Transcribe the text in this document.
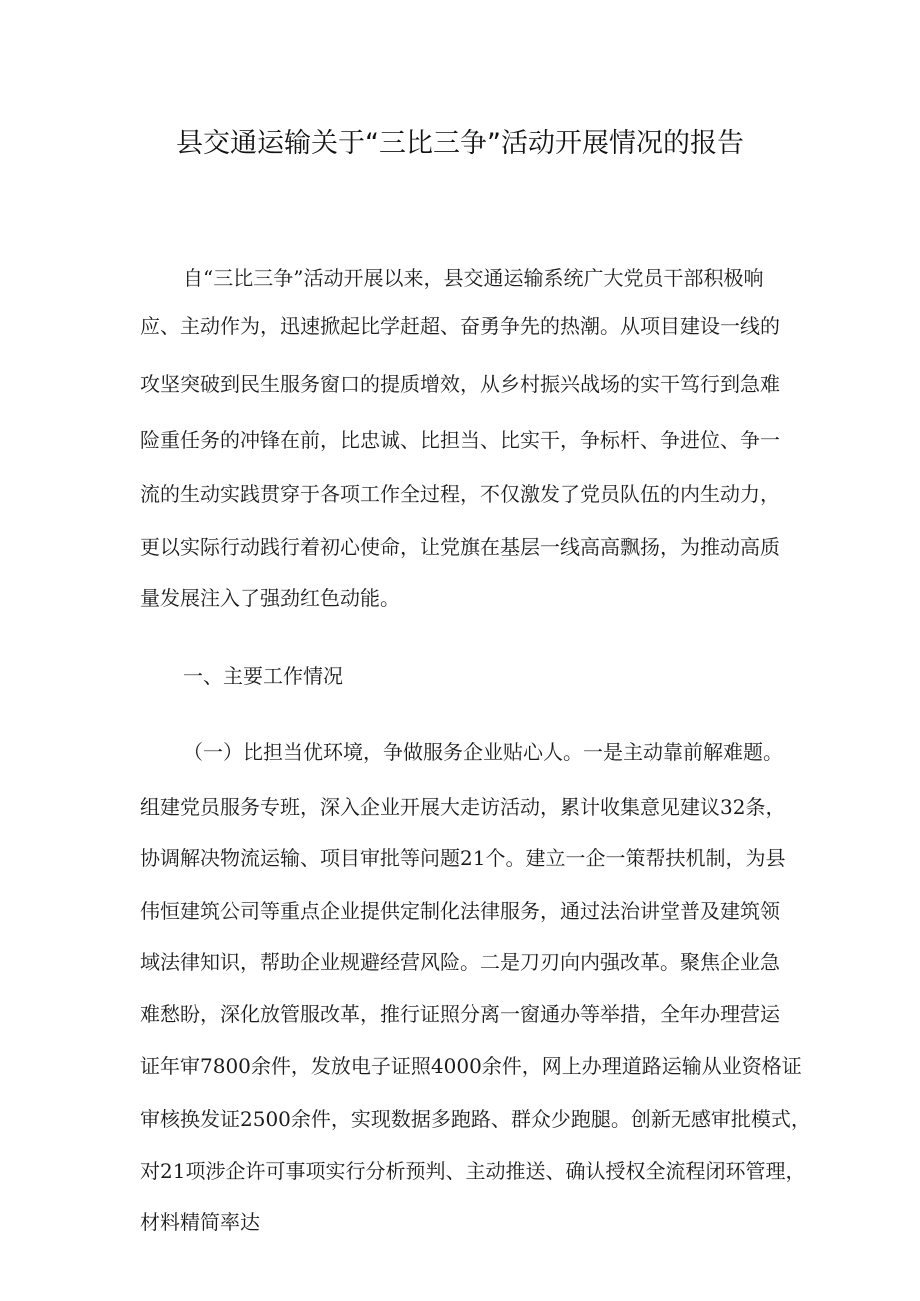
县交通运输关于“三比三争”活动开展情况的报告

自“三比三争”活动开展以来，县交通运输系统广大党员干部积极响

应、主动作为，迅速掀起比学赶超、奋勇争先的热潮。从项目建设一线的

攻坚突破到民生服务窗口的提质增效，从乡村振兴战场的实干笃行到急难

险重任务的冲锋在前，比忠诚、比担当、比实干，争标杆、争进位、争一

流的生动实践贯穿于各项工作全过程，不仅激发了党员队伍的内生动力，

更以实际行动践行着初心使命，让党旗在基层一线高高飘扬，为推动高质

量发展注入了强劲红色动能。

一、主要工作情况

（一）比担当优环境，争做服务企业贴心人。一是主动靠前解难题。

组建党员服务专班，深入企业开展大走访活动，累计收集意见建议32条，

协调解决物流运输、项目审批等问题21个。建立一企一策帮扶机制，为县

伟恒建筑公司等重点企业提供定制化法律服务，通过法治讲堂普及建筑领

域法律知识，帮助企业规避经营风险。二是刀刃向内强改革。聚焦企业急

难愁盼，深化放管服改革，推行证照分离一窗通办等举措，全年办理营运

证年审7800余件，发放电子证照4000余件，网上办理道路运输从业资格证

审核换发证2500余件，实现数据多跑路、群众少跑腿。创新无感审批模式，

对21项涉企许可事项实行分析预判、主动推送、确认授权全流程闭环管理，

材料精简率达
